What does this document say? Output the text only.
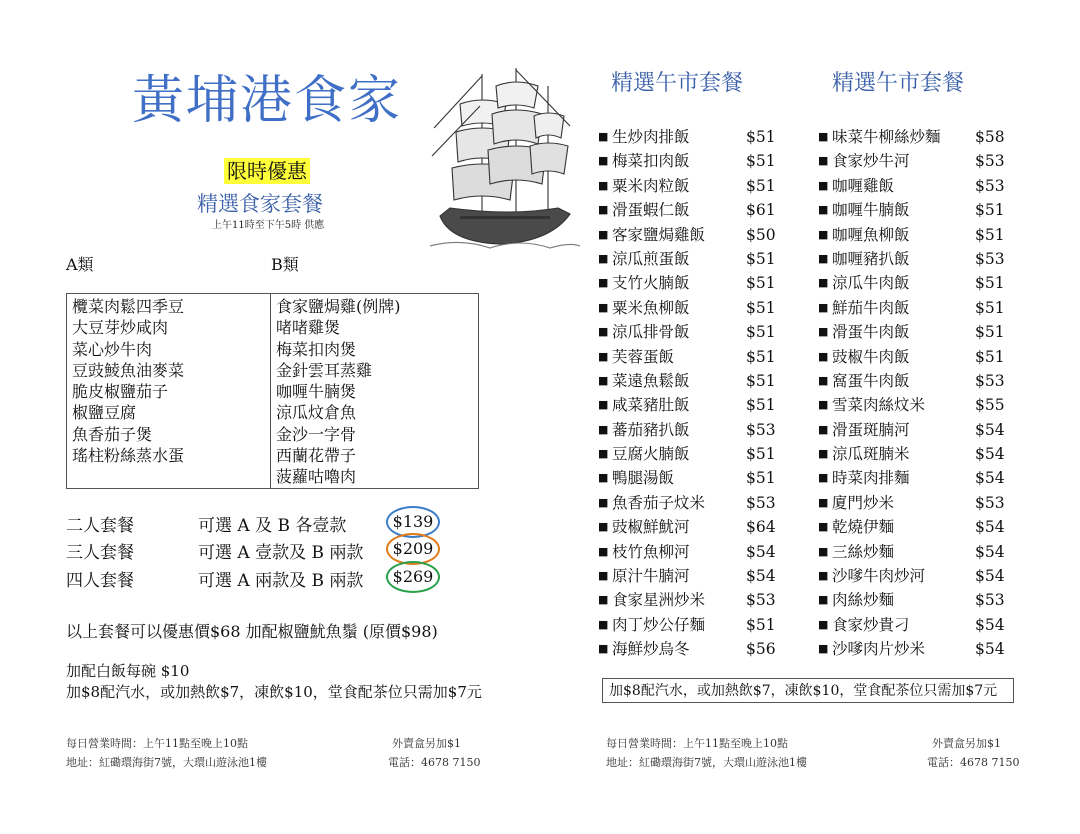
黃埔港食家
限時優惠
精選食家套餐
上午11時至下午5時 供應
A類	B類
欖菜肉鬆四季豆
大豆芽炒咸肉
菜心炒牛肉
豆豉鯪魚油麥菜
脆皮椒鹽茄子
椒鹽豆腐
魚香茄子煲
瑤柱粉絲蒸水蛋
食家鹽焗雞(例牌)
啫啫雞煲
梅菜扣肉煲
金針雲耳蒸雞
咖喱牛腩煲
涼瓜炆倉魚
金沙一字骨
西蘭花帶子
菠蘿咕嚕肉
二人套餐	可選 A 及 B 各壹款	$139
三人套餐	可選 A 壹款及 B 兩款	$209
四人套餐	可選 A 兩款及 B 兩款	$269
以上套餐可以優惠價$68 加配椒鹽魷魚鬚 (原價$98)
加配白飯每碗 $10
加$8配汽水，或加熱飲$7，凍飲$10，堂食配茶位只需加$7元
每日營業時間：上午11點至晚上10點
地址：紅磡環海街7號，大環山遊泳池1樓
外賣盒另加$1
電話：4678 7150
精選午市套餐	精選午市套餐
■ 生炒肉排飯	$51
■ 梅菜扣肉飯	$51
■ 粟米肉粒飯	$51
■ 滑蛋蝦仁飯	$61
■ 客家鹽焗雞飯	$50
■ 涼瓜煎蛋飯	$51
■ 支竹火腩飯	$51
■ 粟米魚柳飯	$51
■ 涼瓜排骨飯	$51
■ 芙蓉蛋飯	$51
■ 菜遠魚鬆飯	$51
■ 咸菜豬肚飯	$51
■ 蕃茄豬扒飯	$53
■ 豆腐火腩飯	$51
■ 鴨腿湯飯	$51
■ 魚香茄子炆米	$53
■ 豉椒鮮魷河	$64
■ 枝竹魚柳河	$54
■ 原汁牛腩河	$54
■ 食家星洲炒米	$53
■ 肉丁炒公仔麵	$51
■ 海鮮炒烏冬	$56
■ 味菜牛柳絲炒麵 $58
■ 食家炒牛河	$53
■ 咖喱雞飯	$53
■ 咖喱牛腩飯	$51
■ 咖喱魚柳飯	$51
■ 咖喱豬扒飯	$53
■ 涼瓜牛肉飯	$51
■ 鮮茄牛肉飯	$51
■ 滑蛋牛肉飯	$51
■ 豉椒牛肉飯	$51
■ 窩蛋牛肉飯	$53
■ 雪菜肉絲炆米	$55
■ 滑蛋斑腩河	$54
■ 涼瓜斑腩米	$54
■ 時菜肉排麵	$54
■ 廈門炒米	$53
■ 乾燒伊麵	$54
■ 三絲炒麵	$54
■ 沙嗲牛肉炒河	$54
■ 肉絲炒麵	$53
■ 食家炒貴刁	$54
■ 沙嗲肉片炒米	$54
加$8配汽水，或加熱飲$7，凍飲$10，堂食配茶位只需加$7元
每日營業時間：上午11點至晚上10點
地址：紅磡環海街7號，大環山遊泳池1樓
外賣盒另加$1
電話：4678 7150
